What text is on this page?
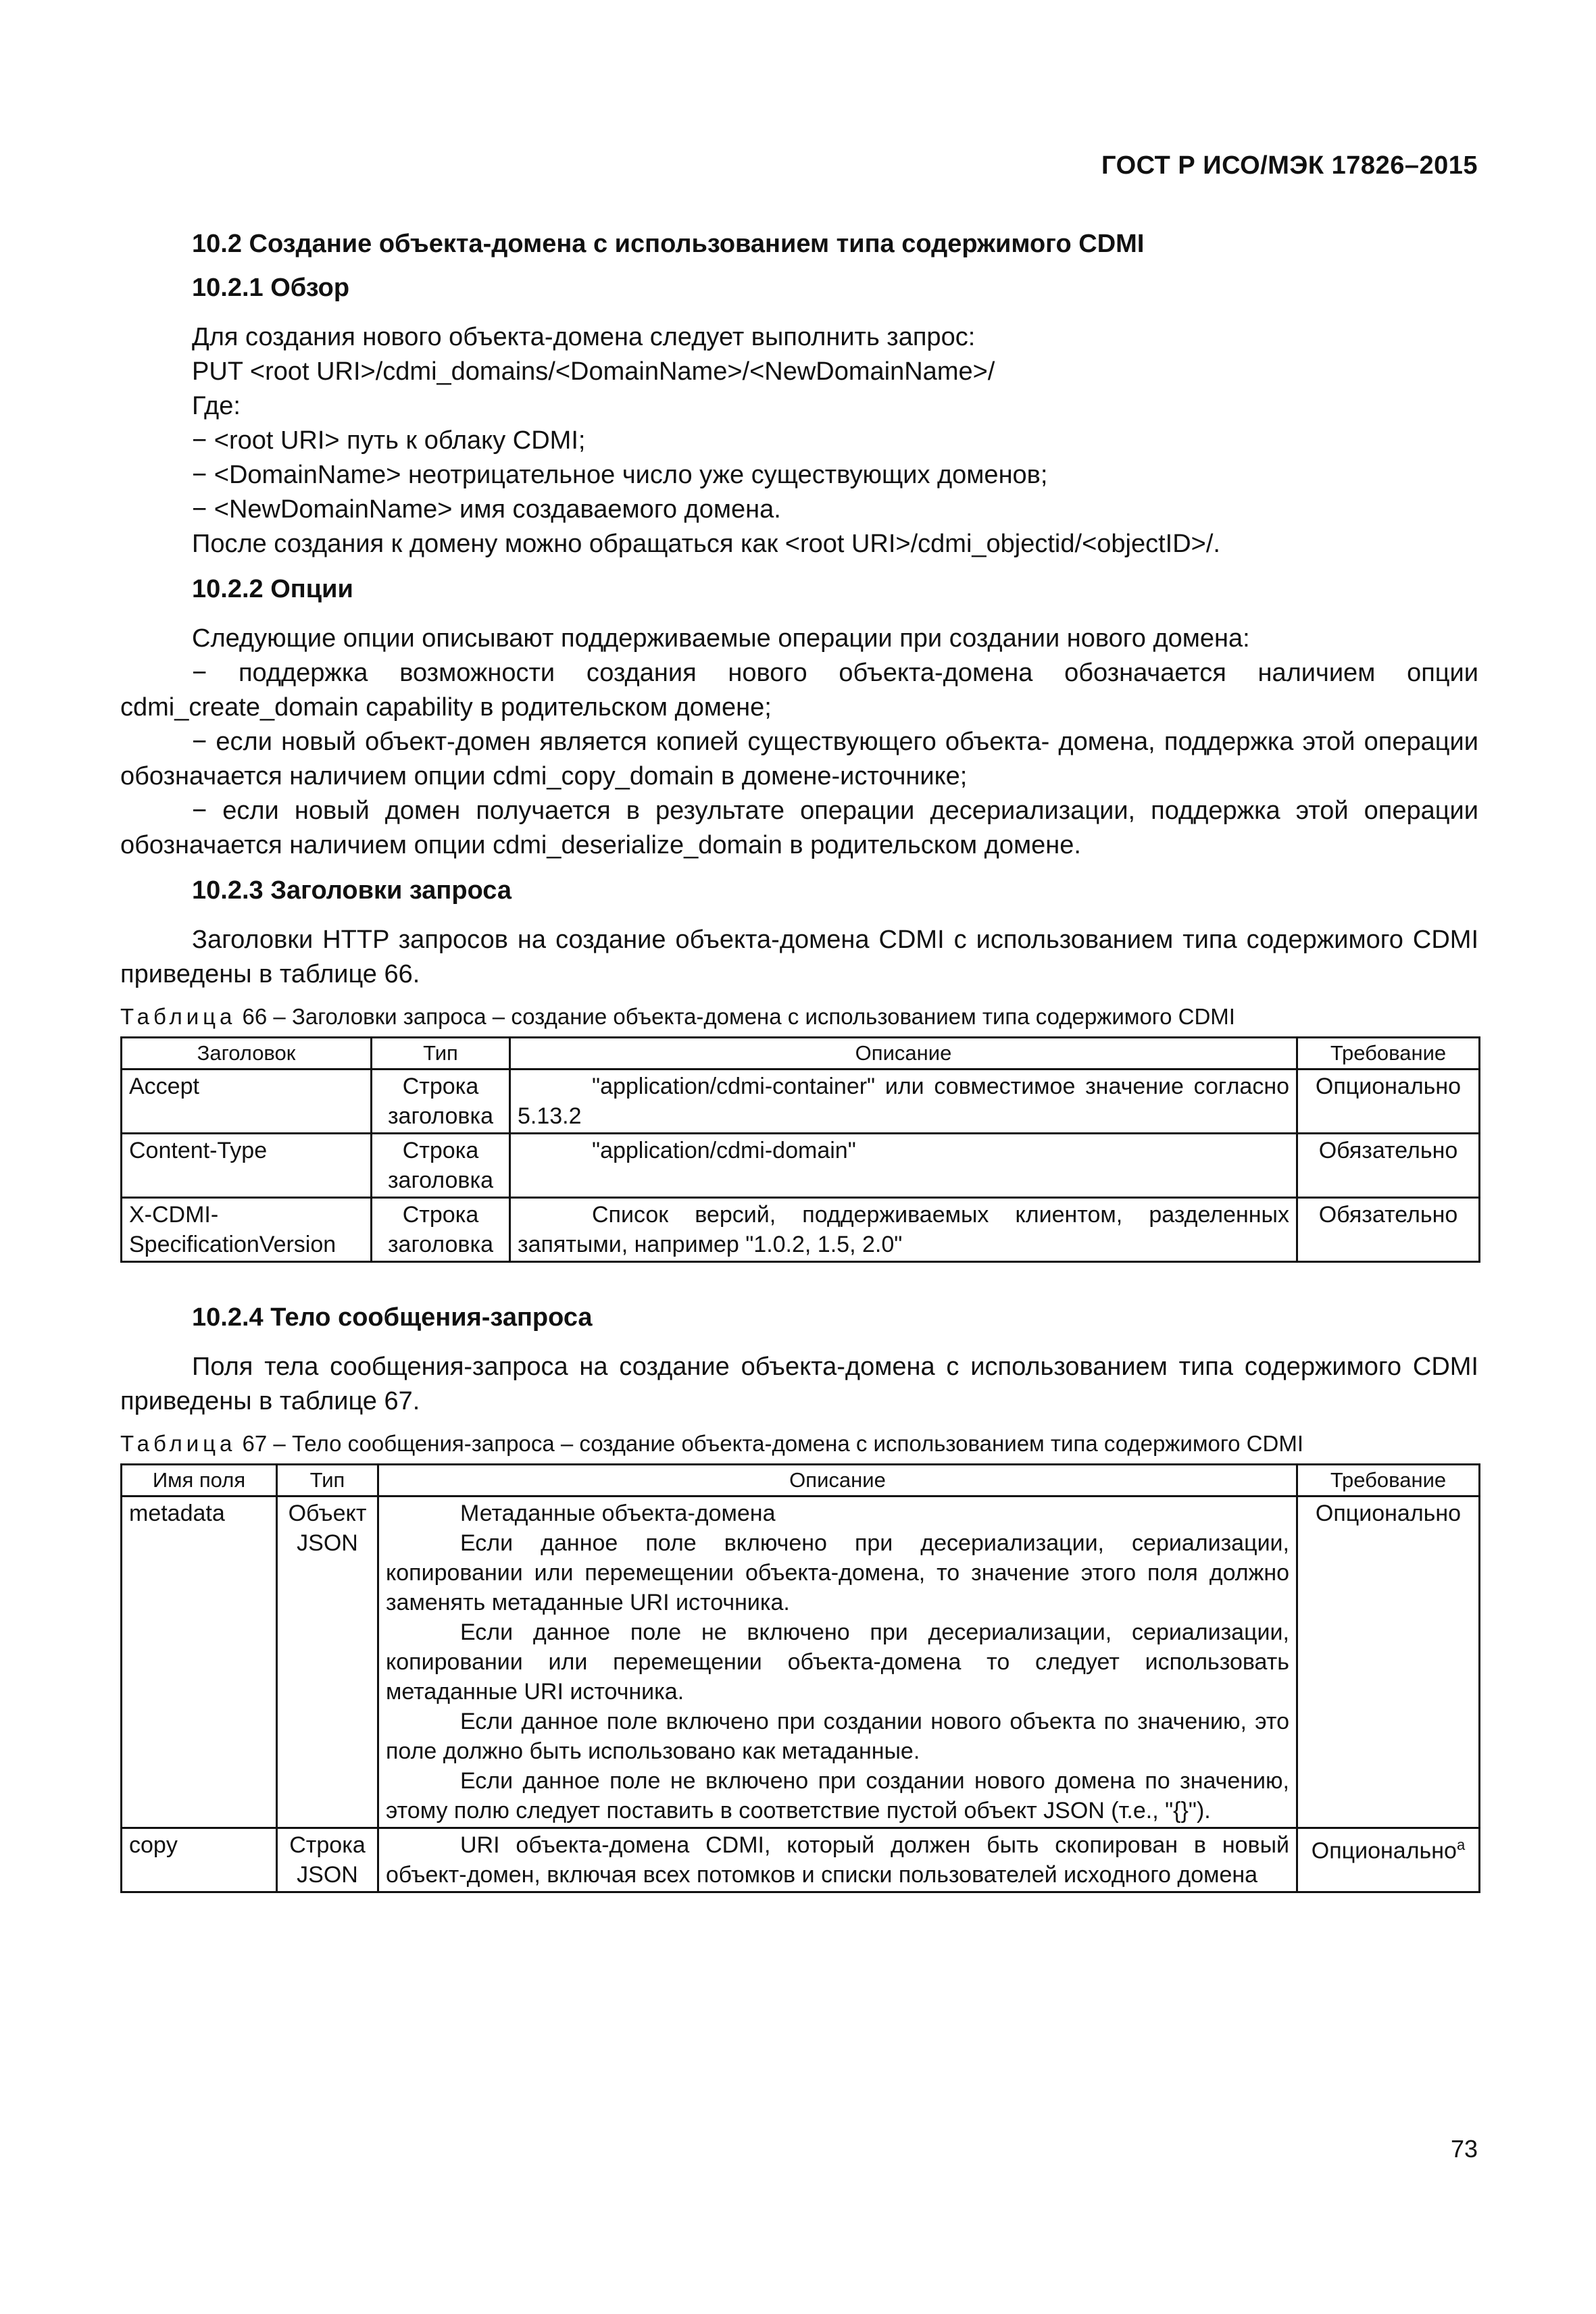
ГОСТ Р ИСО/МЭК 17826–2015
10.2 Создание объекта-домена с использованием типа содержимого CDMI
10.2.1 Обзор

Для создания нового объекта-домена следует выполнить запрос:

PUT <root URI>/cdmi_domains/<DomainName>/<NewDomainName>/

Где:

− <root URI> путь к облаку CDMI;

− <DomainName> неотрицательное число уже существующих доменов;

− <NewDomainName> имя создаваемого домена.

После создания к домену можно обращаться как <root URI>/cdmi_objectid/<objectID>/.

10.2.2 Опции

Следующие опции описывают поддерживаемые операции при создании нового домена:

− поддержка возможности создания нового объекта-домена обозначается наличием опции cdmi_create_domain capability в родительском домене;

− если новый объект-домен является копией существующего объекта- домена, поддержка этой операции обозначается наличием опции cdmi_copy_domain в домене-источнике;

− если новый домен получается в результате операции десериализации, поддержка этой операции обозначается наличием опции cdmi_deserialize_domain в родительском домене.

10.2.3 Заголовки запроса

Заголовки HTTP запросов на создание объекта-домена CDMI с использованием типа содержимого CDMI приведены в таблице 66.

Таблица 66 – Заголовки запроса – создание объекта-домена с использованием типа содержимого CDMI
Заголовок	Тип	Описание	Требование
Accept	Строка заголовка	"application/cdmi-container" или совместимое значение согласно 5.13.2	Опционально
Content-Type	Строка заголовка	"application/cdmi-domain"	Обязательно
X-CDMI-SpecificationVersion	Строка заголовка	Список версий, поддерживаемых клиентом, разделенных запятыми, например "1.0.2, 1.5, 2.0"	Обязательно
10.2.4 Тело сообщения-запроса

Поля тела сообщения-запроса на создание объекта-домена с использованием типа содержимого CDMI приведены в таблице 67.

Таблица 67 – Тело сообщения-запроса – создание объекта-домена с использованием типа содержимого CDMI
Имя поля	Тип	Описание	Требование
metadata	Объект JSON	Метаданные объекта-домена

Если данное поле включено при десериализации, сериализации, копировании или перемещении объекта-домена, то значение этого поля должно заменять метаданные URI источника.

Если данное поле не включено при десериализации, сериализации, копировании или перемещении объекта-домена то следует использовать метаданные URI источника.

Если данное поле включено при создании нового объекта по значению, это поле должно быть использовано как метаданные.

Если данное поле не включено при создании нового домена по значению, этому полю следует поставить в соответствие пустой объект JSON (т.е., "{}").	Опционально
copy	Строка JSON	URI объекта-домена CDMI, который должен быть скопирован в новый объект-домен, включая всех потомков и списки пользователей исходного домена	Опционально$^a$
73
